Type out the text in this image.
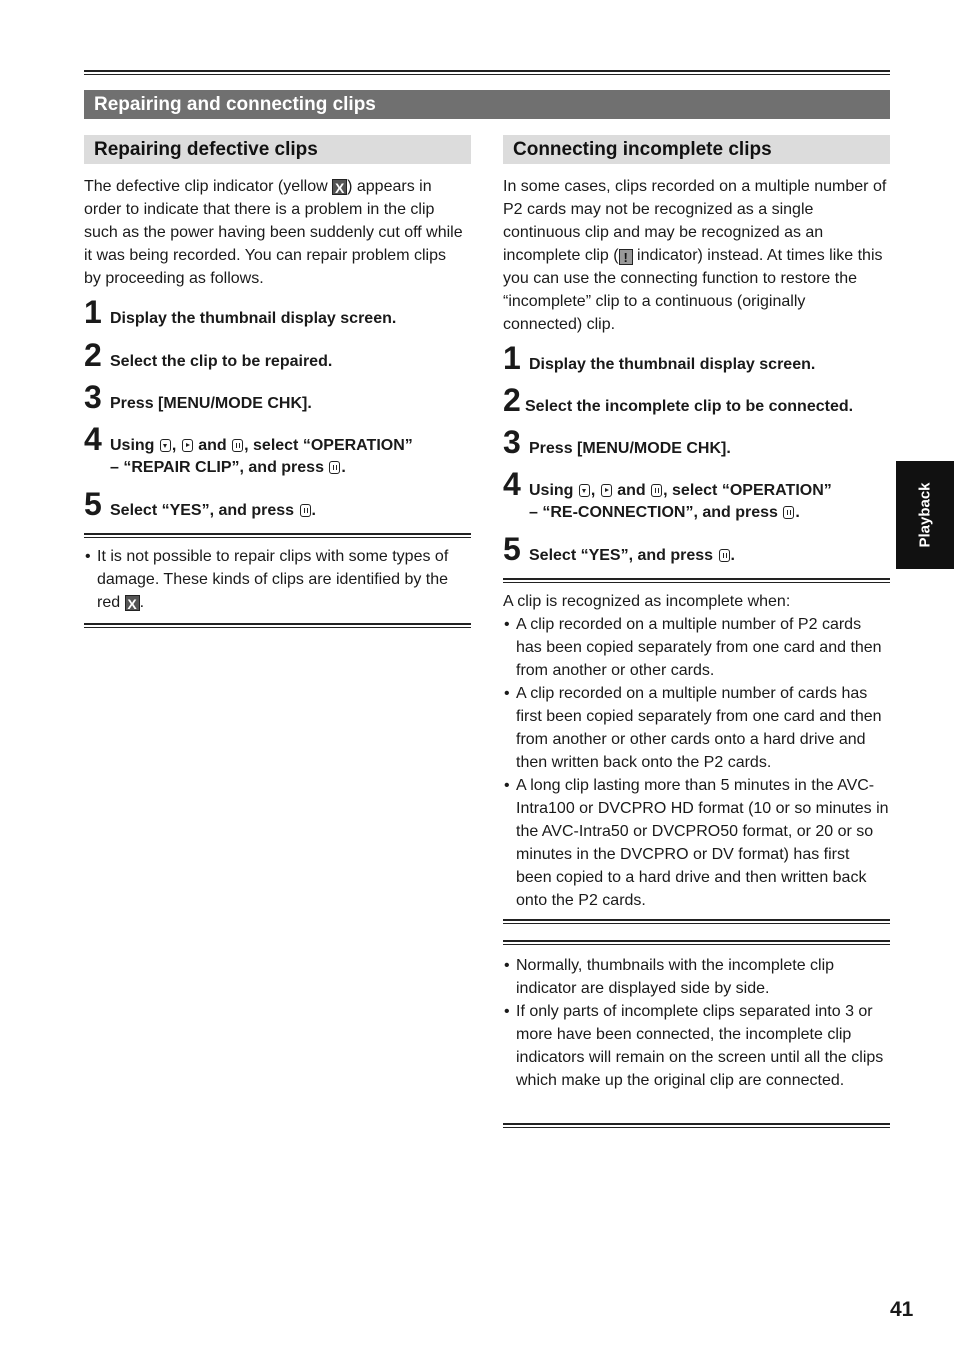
Repairing and connecting clips
Repairing defective clips

The defective clip indicator (yellow X ) appears in order to indicate that there is a problem in the clip such as the power having been suddenly cut off while it was being recorded. You can repair problem clips by proceeding as follows.

1 Display the thumbnail display screen.
2 Select the clip to be repaired.
3 Press [MENU/MODE CHK].
4 Using ,  and , select “OPERATION”
– “REPAIR CLIP”, and press .
5 Select “YES”, and press .
• It is not possible to repair clips with some types of damage. These kinds of clips are identified by the red X .
Connecting incomplete clips

In some cases, clips recorded on a multiple number of P2 cards may not be recognized as a single continuous clip and may be recognized as an incomplete clip ( ! indicator) instead. At times like this you can use the connecting function to restore the “incomplete” clip to a continuous (originally connected) clip.

1 Display the thumbnail display screen.
2 Select the incomplete clip to be connected.
3 Press [MENU/MODE CHK].
4 Using ,  and , select “OPERATION”
– “RE-CONNECTION”, and press .
5 Select “YES”, and press .

A clip is recognized as incomplete when:

• A clip recorded on a multiple number of P2 cards has been copied separately from one card and then from another or other cards.
• A clip recorded on a multiple number of cards has first been copied separately from one card and then from another or other cards onto a hard drive and then written back onto the P2 cards.
• A long clip lasting more than 5 minutes in the AVC-Intra100 or DVCPRO HD format (10 or so minutes in the AVC-Intra50 or DVCPRO50 format, or 20 or so minutes in the DVCPRO or DV format) has first been copied to a hard drive and then written back onto the P2 cards.
• Normally, thumbnails with the incomplete clip indicator are displayed side by side.
• If only parts of incomplete clips separated into 3 or more have been connected, the incomplete clip indicators will remain on the screen until all the clips which make up the original clip are connected.
Playback
41
